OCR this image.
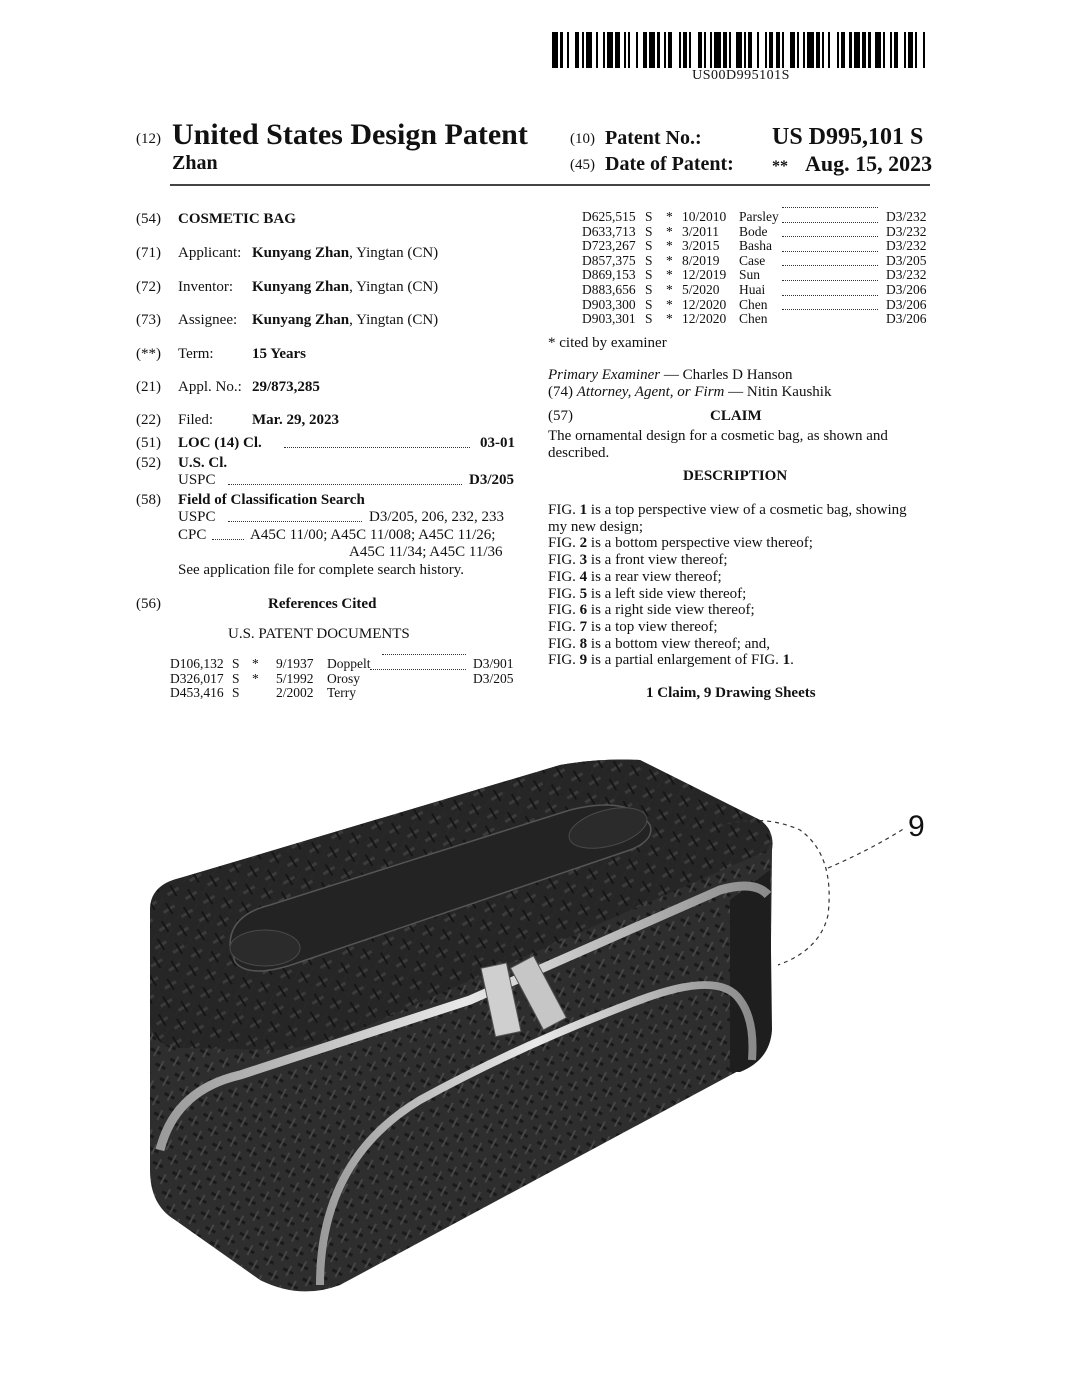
US00D995101S
(12) United States Design Patent
Zhan
(10) Patent No.:	US D995,101 S
(45) Date of Patent: ** Aug. 15, 2023
(54) COSMETIC BAG
(71) Applicant: Kunyang Zhan, Yingtan (CN)
(72) Inventor: Kunyang Zhan, Yingtan (CN)
(73) Assignee: Kunyang Zhan, Yingtan (CN)
(**) Term:	15 Years
(21) Appl. No.: 29/873,285
(22) Filed:	Mar. 29, 2023
(51) LOC (14) Cl.	03-01
(52) U.S. Cl.
USPC	D3/205
(58) Field of Classification Search
USPC	D3/205, 206, 232, 233
CPC	A45C 11/00; A45C 11/008; A45C 11/26;
A45C 11/34; A45C 11/36
See application file for complete search history.
(56)	References Cited
U.S. PATENT DOCUMENTS
D106,132 S * 9/1937 Doppelt	D3/901
D326,017 S * 5/1992 Orosy	D3/205
D453,416 S	2/2002 Terry
D625,515 S * 10/2010 Parsley	D3/232
D633,713 S * 3/2011 Bode	D3/232
D723,267 S * 3/2015 Basha	D3/232
D857,375 S * 8/2019 Case	D3/205
D869,153 S * 12/2019 Sun	D3/232
D883,656 S * 5/2020 Huai	D3/206
D903,300 S * 12/2020 Chen	D3/206
D903,301 S * 12/2020 Chen	D3/206
* cited by examiner
Primary Examiner — Charles D Hanson
(74) Attorney, Agent, or Firm — Nitin Kaushik
(57)	CLAIM
The ornamental design for a cosmetic bag, as shown and
described.
DESCRIPTION
FIG. 1 is a top perspective view of a cosmetic bag, showing
my new design;
FIG. 2 is a bottom perspective view thereof;
FIG. 3 is a front view thereof;
FIG. 4 is a rear view thereof;
FIG. 5 is a left side view thereof;
FIG. 6 is a right side view thereof;
FIG. 7 is a top view thereof;
FIG. 8 is a bottom view thereof; and,
FIG. 9 is a partial enlargement of FIG. 1.
1 Claim, 9 Drawing Sheets
9
